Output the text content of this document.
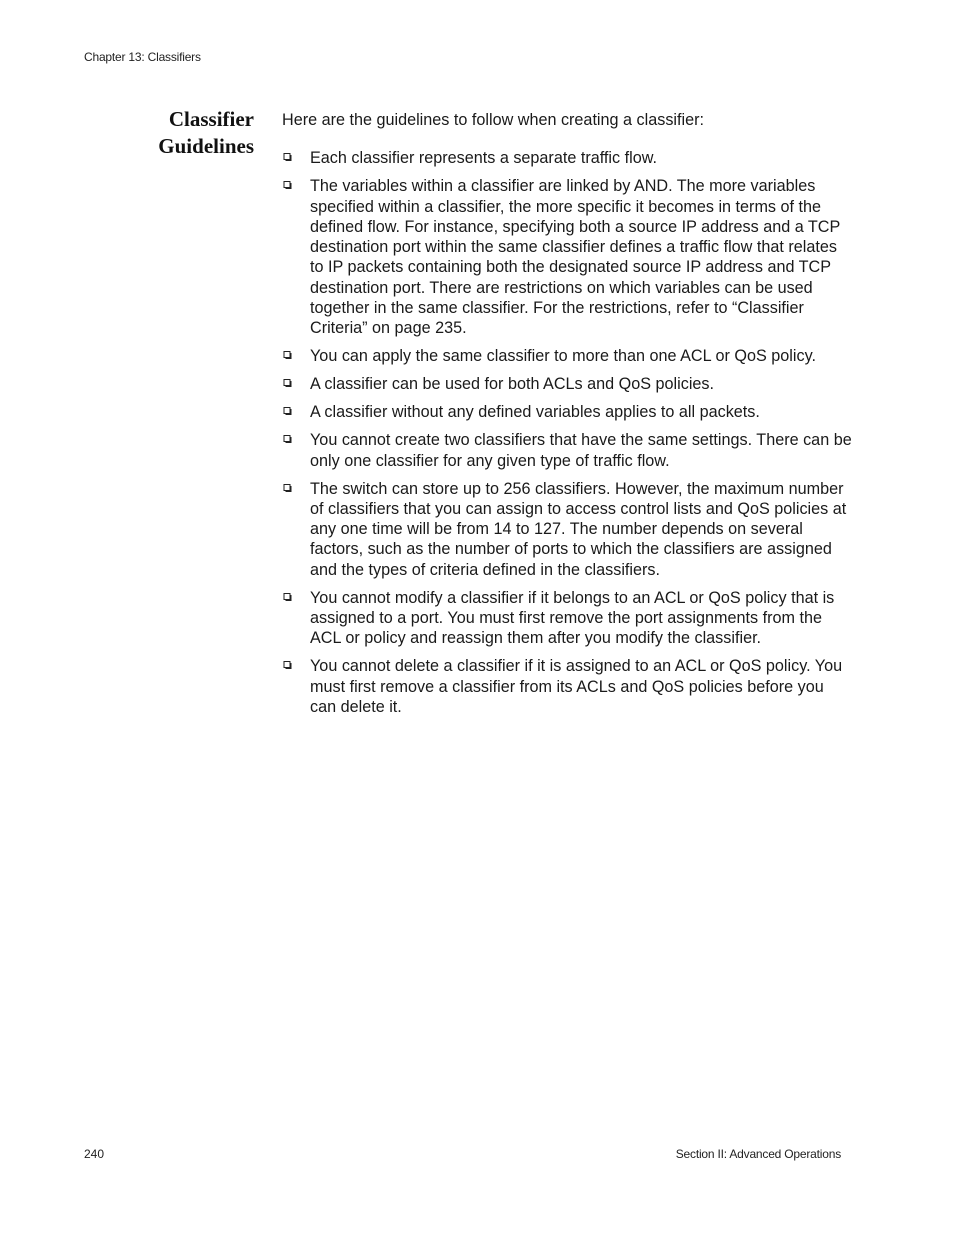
Chapter 13: Classifiers
Classifier
Guidelines

Here are the guidelines to follow when creating a classifier:

Each classifier represents a separate traffic flow.
The variables within a classifier are linked by AND. The more variables specified within a classifier, the more specific it becomes in terms of the defined flow. For instance, specifying both a source IP address and a TCP destination port within the same classifier defines a traffic flow that relates to IP packets containing both the designated source IP address and TCP destination port. There are restrictions on which variables can be used together in the same classifier. For the restrictions, refer to “Classifier Criteria” on page 235.
You can apply the same classifier to more than one ACL or QoS policy.
A classifier can be used for both ACLs and QoS policies.
A classifier without any defined variables applies to all packets.
You cannot create two classifiers that have the same settings. There can be only one classifier for any given type of traffic flow.
The switch can store up to 256 classifiers. However, the maximum number of classifiers that you can assign to access control lists and QoS policies at any one time will be from 14 to 127. The number depends on several factors, such as the number of ports to which the classifiers are assigned and the types of criteria defined in the classifiers.
You cannot modify a classifier if it belongs to an ACL or QoS policy that is assigned to a port. You must first remove the port assignments from the ACL or policy and reassign them after you modify the classifier.
You cannot delete a classifier if it is assigned to an ACL or QoS policy. You must first remove a classifier from its ACLs and QoS policies before you can delete it.
240	Section II: Advanced Operations
